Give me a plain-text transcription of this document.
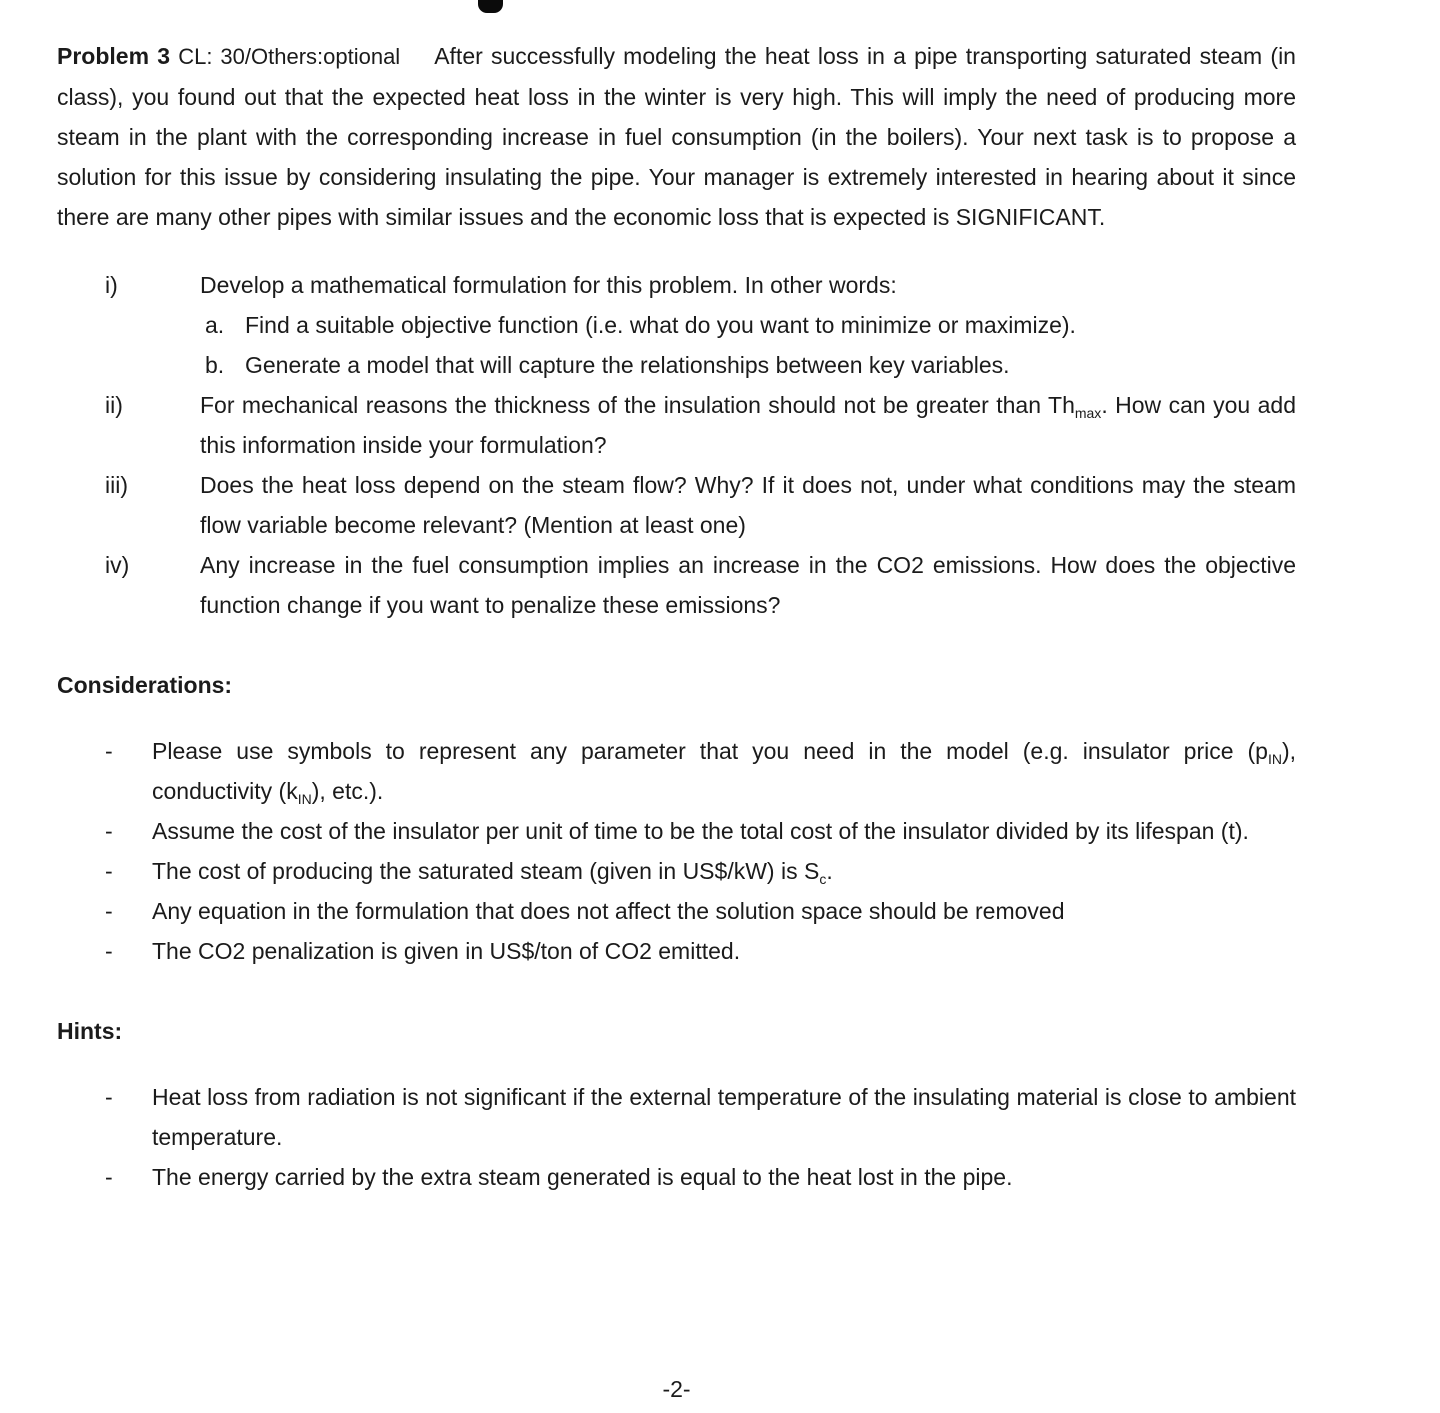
Problem 3 CL: 30/Others:optional After successfully modeling the heat loss in a pipe transporting saturated steam (in class), you found out that the expected heat loss in the winter is very high. This will imply the need of producing more steam in the plant with the corresponding increase in fuel consumption (in the boilers). Your next task is to propose a solution for this issue by considering insulating the pipe. Your manager is extremely interested in hearing about it since there are many other pipes with similar issues and the economic loss that is expected is SIGNIFICANT.

i)	Develop a mathematical formulation for this problem. In other words:
a. Find a suitable objective function (i.e. what do you want to minimize or maximize).
b. Generate a model that will capture the relationships between key variables.
ii)	For mechanical reasons the thickness of the insulation should not be greater than $Th_{max}$. How can you add this information inside your formulation?
iii)	Does the heat loss depend on the steam flow? Why? If it does not, under what conditions may the steam flow variable become relevant? (Mention at least one)
iv)	Any increase in the fuel consumption implies an increase in the CO2 emissions. How does the objective function change if you want to penalize these emissions?
Considerations:
- Please use symbols to represent any parameter that you need in the model (e.g. insulator price $(p_{IN})$, conductivity $(k_{IN})$, etc.).
- Assume the cost of the insulator per unit of time to be the total cost of the insulator divided by its lifespan (t).
- The cost of producing the saturated steam (given in US$/kW) is $S_c$.
- Any equation in the formulation that does not affect the solution space should be removed
- The CO2 penalization is given in US$/ton of CO2 emitted.
Hints:
- Heat loss from radiation is not significant if the external temperature of the insulating material is close to ambient temperature.
- The energy carried by the extra steam generated is equal to the heat lost in the pipe.
-2-
